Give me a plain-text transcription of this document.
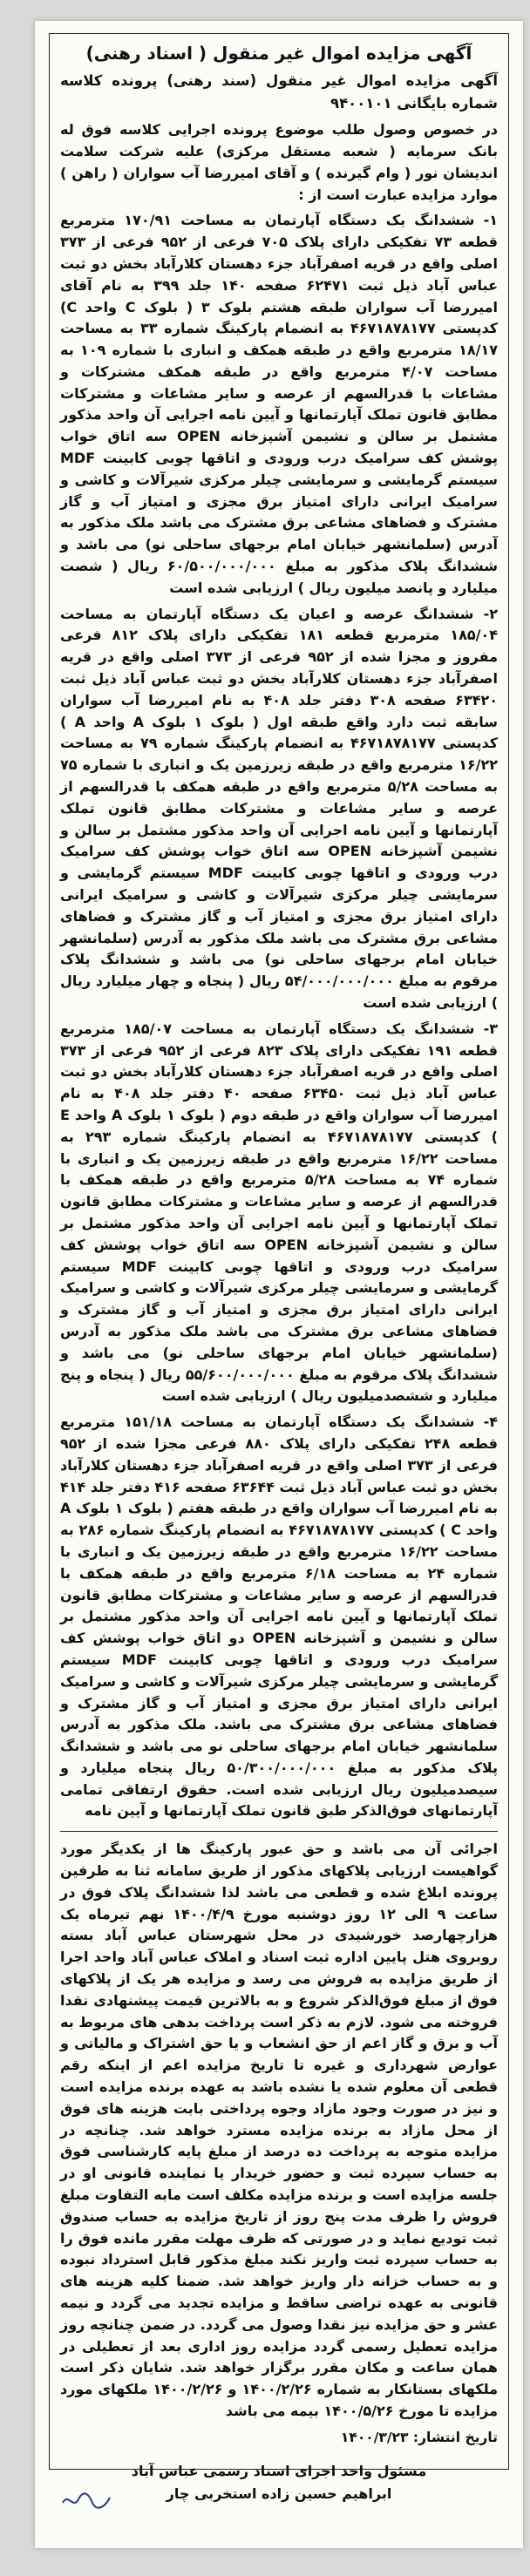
آگهی مزایده اموال غیر منقول ( اسناد رهنی)
آگهی مزایده اموال غیر منقول (سند رهنی) پرونده کلاسه شماره بایگانی ۹۴۰۰۱۰۱
در خصوص وصول طلب موضوع پرونده اجرایی کلاسه فوق له بانک سرمایه ( شعبه مستقل مرکزی) علیه شرکت سلامت اندیشان نور ( وام گیرنده ) و آقای امیررضا آب سواران ( راهن ) موارد مزایده عبارت است از :
۱- ششدانگ یک دستگاه آپارتمان به مساحت ۱۷۰/۹۱ مترمربع قطعه ۷۳ تفکیکی دارای پلاک ۷۰۵ فرعی از ۹۵۲ فرعی از ۳۷۳ اصلی واقع در قریه اصفرآباد جزء دهستان کلارآباد بخش دو ثبت عباس آباد ذیل ثبت ۶۲۴۷۱ صفحه ۱۴۰ جلد ۳۹۹ به نام آقای امیررضا آب سواران طبقه هشتم بلوک ۳ ( بلوک C واحد C) کدپستی ۴۶۷۱۸۷۸۱۷۷ به انضمام پارکینگ شماره ۳۳ به مساحت ۱۸/۱۷ مترمربع واقع در طبقه همکف و انباری با شماره ۱۰۹ به مساحت ۴/۰۷ مترمربع واقع در طبقه همکف مشترکات و مشاعات با قدرالسهم از عرصه و سایر مشاعات و مشترکات مطابق قانون تملک آپارتمانها و آیین نامه اجرایی آن واحد مذکور مشتمل بر سالن و نشیمن آشپزخانه OPEN سه اتاق خواب پوشش کف سرامیک درب ورودی و اتاقها چوبی کابینت MDF سیستم گرمایشی و سرمایشی چیلر مرکزی شیرآلات و کاشی و سرامیک ایرانی دارای امتیاز برق مجزی و امتیاز آب و گاز مشترک و فضاهای مشاعی برق مشترک می باشد ملک مذکور به آدرس (سلمانشهر خیابان امام برجهای ساحلی نو) می باشد و ششدانگ پلاک مذکور به مبلغ ۶۰/۵۰۰/۰۰۰/۰۰۰ ریال ( شصت میلیارد و پانصد میلیون ریال ) ارزیابی شده است
۲- ششدانگ عرصه و اعیان یک دستگاه آپارتمان به مساحت ۱۸۵/۰۴ مترمربع قطعه ۱۸۱ تفکیکی دارای پلاک ۸۱۲ فرعی مفروز و مجزا شده از ۹۵۲ فرعی از ۳۷۳ اصلی واقع در قریه اصفرآباد جزء دهستان کلارآباد بخش دو ثبت عباس آباد ذیل ثبت ۶۳۴۲۰ صفحه ۳۰۸ دفتر جلد ۴۰۸ به نام امیررضا آب سواران سابقه ثبت دارد واقع طبقه اول ( بلوک ۱ بلوک A واحد A ) کدپستی ۴۶۷۱۸۷۸۱۷۷ به انضمام پارکینگ شماره ۷۹ به مساحت ۱۶/۲۲ مترمربع واقع در طبقه زیرزمین یک و انباری با شماره ۷۵ به مساحت ۵/۲۸ مترمربع واقع در طبقه همکف با قدرالسهم از عرصه و سایر مشاعات و مشترکات مطابق قانون تملک آپارتمانها و آیین نامه اجرایی آن واحد مذکور مشتمل بر سالن و نشیمن آشپزخانه OPEN سه اتاق خواب پوشش کف سرامیک درب ورودی و اتاقها چوبی کابینت MDF سیستم گرمایشی و سرمایشی چیلر مرکزی شیرآلات و کاشی و سرامیک ایرانی دارای امتیاز برق مجزی و امتیاز آب و گاز مشترک و فضاهای مشاعی برق مشترک می باشد ملک مذکور به آدرس (سلمانشهر خیابان امام برجهای ساحلی نو) می باشد و ششدانگ پلاک مرقوم به مبلغ ۵۴/۰۰۰/۰۰۰/۰۰۰ ریال ( پنجاه و چهار میلیارد ریال ) ارزیابی شده است
۳- ششدانگ یک دستگاه آپارتمان به مساحت ۱۸۵/۰۷ مترمربع قطعه ۱۹۱ تفکیکی دارای پلاک ۸۲۳ فرعی از ۹۵۲ فرعی از ۳۷۳ اصلی واقع در قریه اصفرآباد جزء دهستان کلارآباد بخش دو ثبت عباس آباد ذیل ثبت ۶۳۴۵۰ صفحه ۴۰ دفتر جلد ۴۰۸ به نام امیررضا آب سواران واقع در طبقه دوم ( بلوک ۱ بلوک A واحد E ) کدپستی ۴۶۷۱۸۷۸۱۷۷ به انضمام پارکینگ شماره ۲۹۳ به مساحت ۱۶/۲۲ مترمربع واقع در طبقه زیرزمین یک و انباری با شماره ۷۴ به مساحت ۵/۲۸ مترمربع واقع در طبقه همکف با قدرالسهم از عرصه و سایر مشاعات و مشترکات مطابق قانون تملک آپارتمانها و آیین نامه اجرایی آن واحد مذکور مشتمل بر سالن و نشیمن آشپزخانه OPEN سه اتاق خواب پوشش کف سرامیک درب ورودی و اتاقها چوبی کابینت MDF سیستم گرمایشی و سرمایشی چیلر مرکزی شیرآلات و کاشی و سرامیک ایرانی دارای امتیاز برق مجزی و امتیاز آب و گاز مشترک و فضاهای مشاعی برق مشترک می باشد ملک مذکور به آدرس (سلمانشهر خیابان امام برجهای ساحلی نو) می باشد و ششدانگ پلاک مرقوم به مبلغ ۵۵/۶۰۰/۰۰۰/۰۰۰ ریال ( پنجاه و پنج میلیارد و ششصدمیلیون ریال ) ارزیابی شده است
۴- ششدانگ یک دستگاه آپارتمان به مساحت ۱۵۱/۱۸ مترمربع قطعه ۲۴۸ تفکیکی دارای پلاک ۸۸۰ فرعی مجزا شده از ۹۵۲ فرعی از ۳۷۳ اصلی واقع در قریه اصفرآباد جزء دهستان کلارآباد بخش دو ثبت عباس آباد ذیل ثبت ۶۳۶۴۴ صفحه ۴۱۶ دفتر جلد ۴۱۴ به نام امیررضا آب سواران واقع در طبقه هفتم ( بلوک ۱ بلوک A واحد C ) کدپستی ۴۶۷۱۸۷۸۱۷۷ به انضمام پارکینگ شماره ۲۸۶ به مساحت ۱۶/۲۲ مترمربع واقع در طبقه زیرزمین یک و انباری با شماره ۲۴ به مساحت ۶/۱۸ مترمربع واقع در طبقه همکف با قدرالسهم از عرصه و سایر مشاعات و مشترکات مطابق قانون تملک آپارتمانها و آیین نامه اجرایی آن واحد مذکور مشتمل بر سالن و نشیمن و آشپزخانه OPEN دو اتاق خواب پوشش کف سرامیک درب ورودی و اتاقها چوبی کابینت MDF سیستم گرمایشی و سرمایشی چیلر مرکزی شیرآلات و کاشی و سرامیک ایرانی دارای امتیاز برق مجزی و امتیاز آب و گاز مشترک و فضاهای مشاعی برق مشترک می باشد. ملک مذکور به آدرس سلمانشهر خیابان امام برجهای ساحلی نو می باشد و ششدانگ پلاک مذکور به مبلغ ۵۰/۳۰۰/۰۰۰/۰۰۰ ریال پنجاه میلیارد و سیصدمیلیون ریال ارزیابی شده است. حقوق ارتفاقی تمامی آپارتمانهای فوق‌الذکر طبق قانون تملک آپارتمانها و آیین نامه
اجرائی آن می باشد و حق عبور پارکینگ ها از یکدیگر مورد گواهیست ارزیابی پلاکهای مذکور از طریق سامانه ثنا به طرفین پرونده ابلاغ شده و قطعی می باشد لذا ششدانگ پلاک فوق در ساعت ۹ الی ۱۲ روز دوشنبه مورخ ۱۴۰۰/۴/۹ نهم تیرماه یک هزارچهارصد خورشیدی در محل شهرستان عباس آباد بسته روبروی هتل پایین اداره ثبت اسناد و املاک عباس آباد واحد اجرا از طریق مزایده به فروش می رسد و مزایده هر یک از پلاکهای فوق از مبلغ فوق‌الذکر شروع و به بالاترین قیمت پیشنهادی نقدا فروخته می شود. لازم به ذکر است پرداخت بدهی های مربوط به آب و برق و گاز اعم از حق انشعاب و یا حق اشتراک و مالیاتی و عوارض شهرداری و غیره تا تاریخ مزایده اعم از اینکه رقم قطعی آن معلوم شده یا نشده باشد به عهده برنده مزایده است و نیز در صورت وجود مازاد وجوه پرداختی بابت هزینه های فوق از محل مازاد به برنده مزایده مسترد خواهد شد. چنانچه در مزایده متوجه به پرداخت ده درصد از مبلغ پایه کارشناسی فوق به حساب سپرده ثبت و حضور خریدار یا نماینده قانونی او در جلسه مزایده است و برنده مزایده مکلف است مابه التفاوت مبلغ فروش را ظرف مدت پنج روز از تاریخ مزایده به حساب صندوق ثبت تودیع نماید و در صورتی که ظرف مهلت مقرر مانده فوق را به حساب سپرده ثبت واریز نکند مبلغ مذکور قابل استرداد نبوده و به حساب خزانه دار واریز خواهد شد. ضمنا کلیه هزینه های قانونی به عهده تراضی ساقط و مزایده تجدید می گردد و نیمه عشر و حق مزایده نیز نقدا وصول می گردد. در ضمن چنانچه روز مزایده تعطیل رسمی گردد مزایده روز اداری بعد از تعطیلی در همان ساعت و مکان مقرر برگزار خواهد شد. شایان ذکر است ملکهای بستانکار به شماره ۱۴۰۰/۲/۲۶ و ۱۴۰۰/۲/۲۶ ملکهای مورد مزایده تا مورخ ۱۴۰۰/۵/۲۶ بیمه می باشد
تاریخ انتشار: ۱۴۰۰/۳/۲۳
مسئول واحد اجرای اسناد رسمی عباس آباد
ابراهیم حسین زاده استخربی چار
